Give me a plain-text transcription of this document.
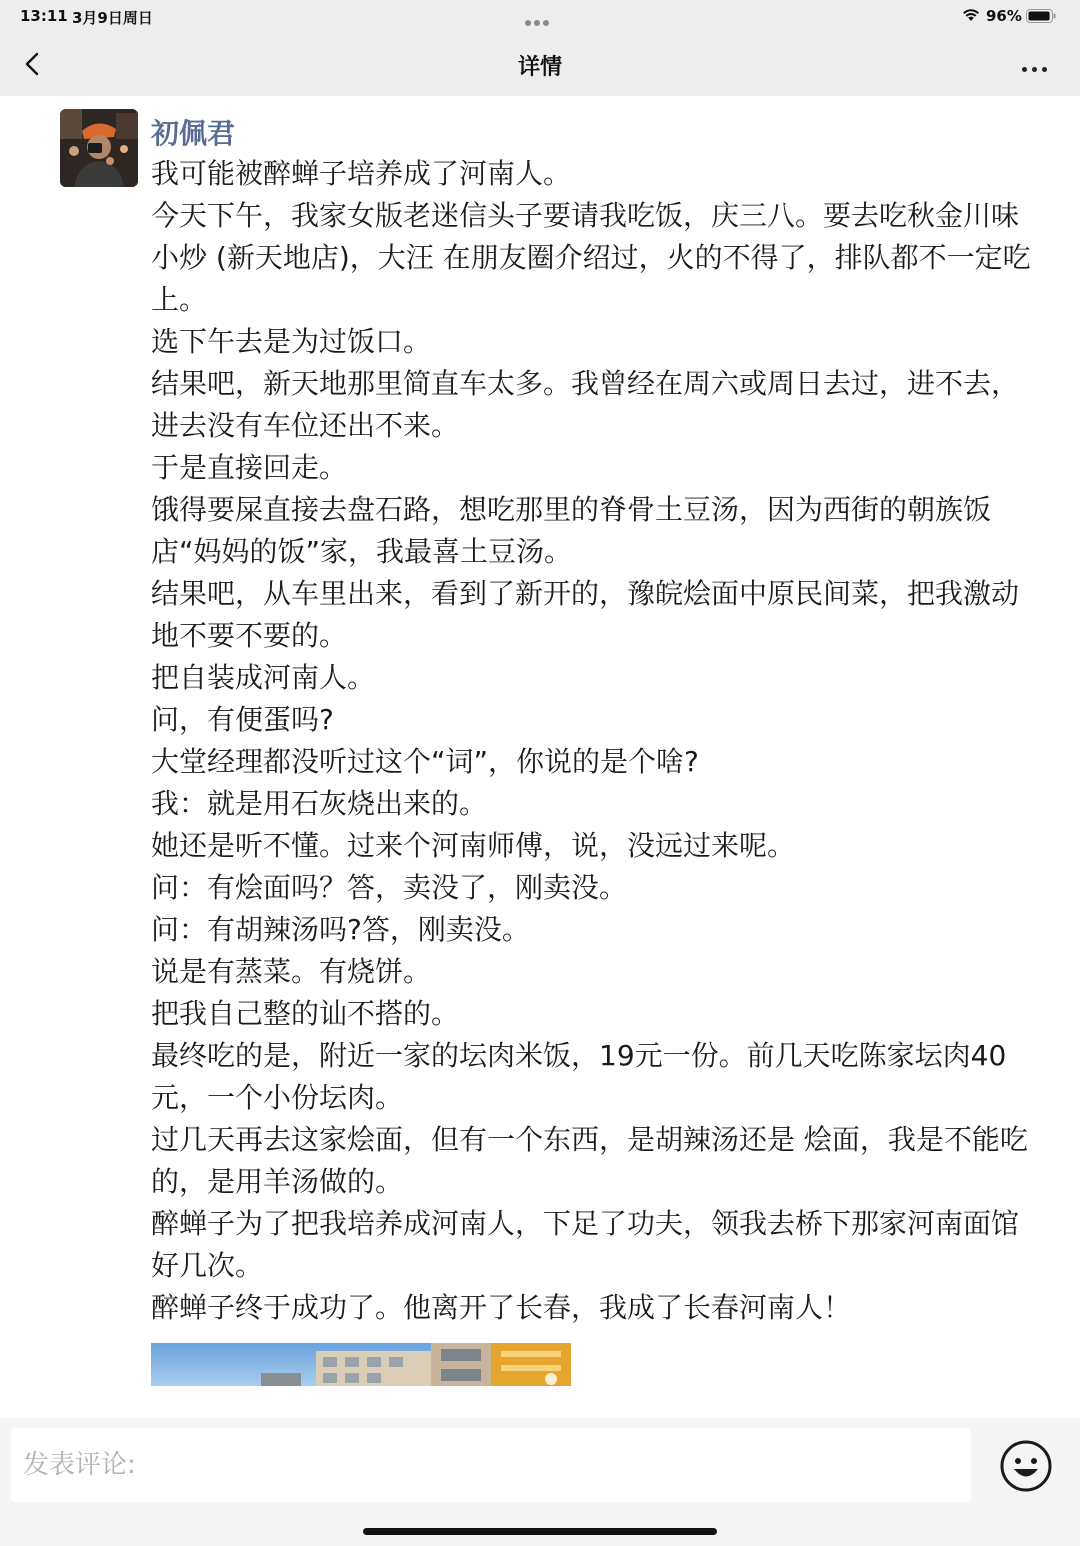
13:11 3月9日周日	96%
详情
初佩君

我可能被醉蝉子培养成了河南人。

今天下午，我家女版老迷信头子要请我吃饭，庆三八。要去吃秋金川味小炒 (新天地店)，大汪 在朋友圈介绍过，火的不得了，排队都不一定吃上。

选下午去是为过饭口。

结果吧，新天地那里简直车太多。我曾经在周六或周日去过，进不去，进去没有车位还出不来。

于是直接回走。

饿得要屎直接去盘石路，想吃那里的脊骨土豆汤，因为西街的朝族饭店“妈妈的饭”家，我最喜土豆汤。

结果吧，从车里出来，看到了新开的，豫皖烩面中原民间菜，把我激动地不要不要的。

把自装成河南人。

问，有便蛋吗?

大堂经理都没听过这个“词”，你说的是个啥?

我：就是用石灰烧出来的。

她还是听不懂。过来个河南师傅，说，没远过来呢。

问：有烩面吗？答，卖没了，刚卖没。

问：有胡辣汤吗?答，刚卖没。

说是有蒸菜。有烧饼。

把我自己整的讪不搭的。

最终吃的是，附近一家的坛肉米饭，19元一份。前几天吃陈家坛肉40元，一个小份坛肉。

过几天再去这家烩面，但有一个东西，是胡辣汤还是 烩面，我是不能吃的，是用羊汤做的。

醉蝉子为了把我培养成河南人，下足了功夫，领我去桥下那家河南面馆好几次。

醉蝉子终于成功了。他离开了长春，我成了长春河南人！

发表评论:
